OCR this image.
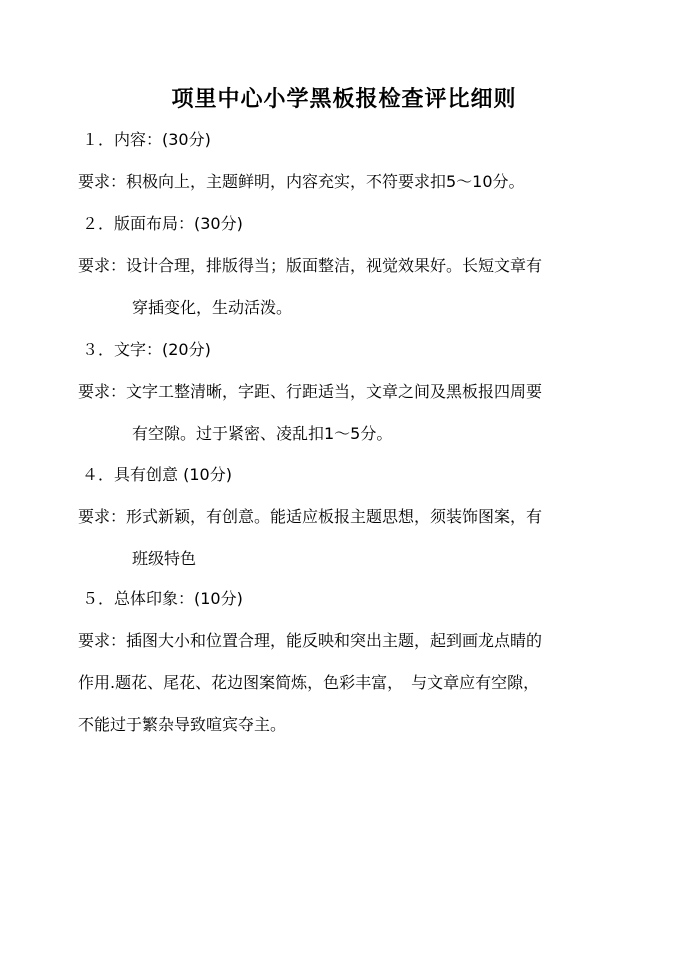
项里中心小学黑板报检查评比细则
１．内容：(30分)
要求：积极向上，主题鲜明，内容充实，不符要求扣5～10分。
２．版面布局：(30分)
要求：设计合理，排版得当；版面整洁，视觉效果好。长短文章有
穿插变化，生动活泼。
３．文字：(20分)
要求：文字工整清晰，字距、行距适当，文章之间及黑板报四周要
有空隙。过于紧密、凌乱扣1～5分。
４．具有创意 (10分)
要求：形式新颖，有创意。能适应板报主题思想，须装饰图案，有
班级特色
５．总体印象：(10分)
要求：插图大小和位置合理，能反映和突出主题，起到画龙点睛的
作用.题花、尾花、花边图案简炼，色彩丰富，　与文章应有空隙，
不能过于繁杂导致喧宾夺主。
